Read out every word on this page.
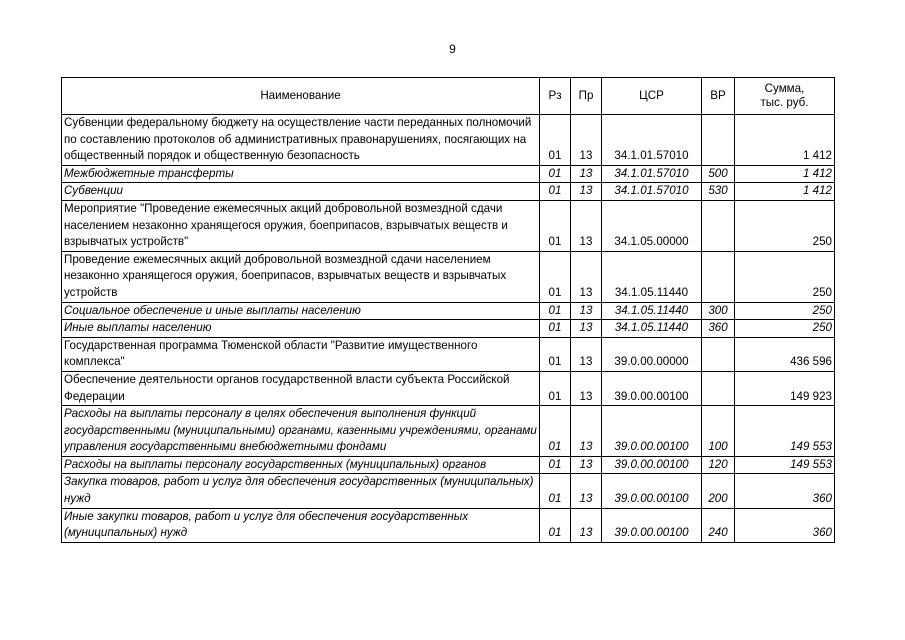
9
Наименование	Рз	Пр	ЦСР	ВР	Сумма,
тыс. руб.
Субвенции федеральному бюджету на осуществление части переданных полномочий по составлению протоколов об административных правонарушениях, посягающих на общественный порядок и общественную безопасность	01	13	34.1.01.57010		1 412
Межбюджетные трансферты	01	13	34.1.01.57010	500	1 412
Субвенции	01	13	34.1.01.57010	530	1 412
Мероприятие "Проведение ежемесячных акций добровольной возмездной сдачи населением незаконно хранящегося оружия, боеприпасов, взрывчатых веществ и взрывчатых устройств"	01	13	34.1.05.00000		250
Проведение ежемесячных акций добровольной возмездной сдачи населением незаконно хранящегося оружия, боеприпасов, взрывчатых веществ и взрывчатых устройств	01	13	34.1.05.11440		250
Социальное обеспечение и иные выплаты населению	01	13	34.1.05.11440	300	250
Иные выплаты населению	01	13	34.1.05.11440	360	250
Государственная программа Тюменской области "Развитие имущественного комплекса"	01	13	39.0.00.00000		436 596
Обеспечение деятельности органов государственной власти субъекта Российской Федерации	01	13	39.0.00.00100		149 923
Расходы на выплаты персоналу в целях обеспечения выполнения функций государственными (муниципальными) органами, казенными учреждениями, органами управления государственными внебюджетными фондами	01	13	39.0.00.00100	100	149 553
Расходы на выплаты персоналу государственных (муниципальных) органов	01	13	39.0.00.00100	120	149 553
Закупка товаров, работ и услуг для обеспечения государственных (муниципальных) нужд	01	13	39.0.00.00100	200	360
Иные закупки товаров, работ и услуг для обеспечения государственных (муниципальных) нужд	01	13	39.0.00.00100	240	360
